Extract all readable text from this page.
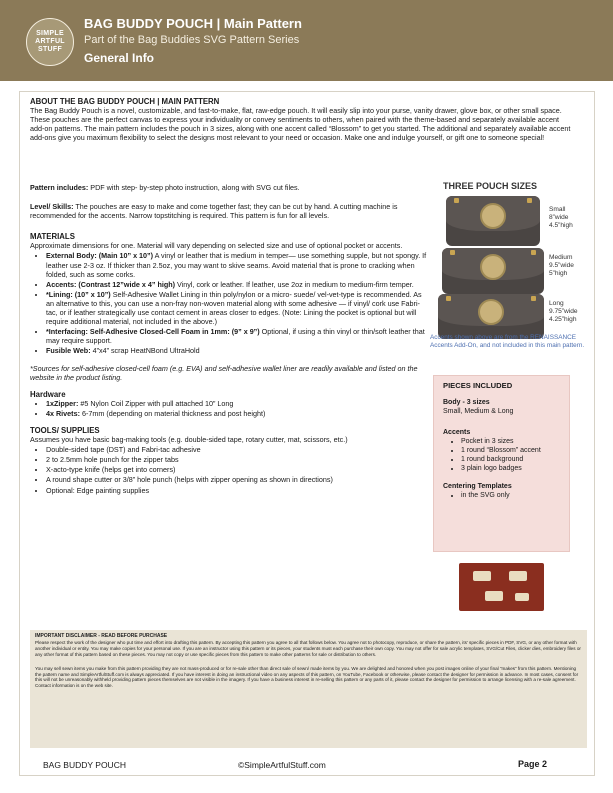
SIMPLE
ARTFUL
STUFF
BAG BUDDY POUCH | Main Pattern
Part of the Bag Buddies SVG Pattern Series
General Info
ABOUT THE BAG BUDDY POUCH | MAIN PATTERN

The Bag Buddy Pouch is a novel, customizable, and fast-to-make, flat, raw-edge pouch. It will easily slip into your purse, vanity drawer, glove box, or other small space. These pouches are the perfect canvas to express your individuality or convey sentiments to others, when paired with the theme-based and separately available accent add-on patterns. The main pattern includes the pouch in 3 sizes, along with one accent called “Blossom” to get you started. The additional and separately available accent add-ons give you maximum flexibility to select the designs most relevant to your need or occasion. Make one and indulge yourself, or gift one to someone special!

Pattern includes: PDF with step- by-step photo instruction, along with SVG cut files.

Level/ Skills: The pouches are easy to make and come together fast; they can be cut by hand. A cutting machine is recommended for the accents. Narrow topstitching is required. This pattern is fun for all levels.

MATERIALS

Approximate dimensions for one. Material will vary depending on selected size and use of optional pocket or accents.

• External Body: (Main 10” x 10”) A vinyl or leather that is medium in temper— use something supple, but not spongy. If leather use 2-3 oz. If thicker than 2.5oz, you may want to skive seams. Avoid material that is prone to cracking when folded, such as some corks.
• Accents: (Contrast 12”wide x 4” high) Vinyl, cork or leather. If leather, use 2oz in medium to medium-firm temper.
• *Lining: (10” x 10”) Self-Adhesive Wallet Lining in thin poly/nylon or a micro- suede/ vel-vet-type is recommended. As an alternative to this, you can use a non-fray non-woven material along with some adhesive — if vinyl/ cork use Fabri-tac, or if leather strategically use contact cement in areas closer to edges. (Note: Lining the pocket is optional but will require additional material, not included in the above.)
• *Interfacing: Self-Adhesive Closed-Cell Foam in 1mm: (9” x 9”) Optional, if using a thin vinyl or thin/soft leather that may require support.
• Fusible Web: 4”x4” scrap HeatNBond UltraHold

*Sources for self-adhesive closed-cell foam (e.g. EVA) and self-adhesive wallet liner are readily available and listed on the website in the product listing.

Hardware
• 1xZipper: #5 Nylon Coil Zipper with pull attached 10” Long
• 4x Rivets: 6-7mm (depending on material thickness and post height)
TOOLS/ SUPPLIES

Assumes you have basic bag-making tools (e.g. double-sided tape, rotary cutter, mat, scissors, etc.)

• Double-sided tape (DST) and Fabri-tac adhesive
• 2 to 2.5mm hole punch for the zipper tabs
• X-acto-type knife (helps get into corners)
• A round shape cutter or 3/8” hole punch (helps with zipper opening as shown in directions)
• Optional: Edge painting supplies
THREE POUCH SIZES
Small
8”wide
4.5”high
Medium
9.5”wide
5”high
Long
9.75”wide
4.25”high
Accents shown above are from the RENAISSANCE Accents Add-On, and not included in this main pattern.
PIECES INCLUDED
Body - 3 sizes
Small, Medium & Long
Accents
• Pocket in 3 sizes
• 1 round “Blossom” accent
• 1 round background
• 3 plain logo badges
Centering Templates
• in the SVG only
IMPORTANT DISCLAIMER - READ BEFORE PURCHASE

Please respect the work of the designer who put time and effort into drafting this pattern. By accepting this pattern you agree to all that follows below. You agree not to photocopy, reproduce, or share the pattern, its’ specific pieces in PDF, SVG, or any other format with another individual or entity. You may make copies for your personal use. If you are an instructor using this pattern or its pieces, your students must each purchase their own copy. You may not offer for sale acrylic templates, SVG/Cut Files, clicker dies, embroidery files or any other format of this pattern based on these pieces. You may not copy or use specific pieces from this pattern to make other patterns for sale or distribution to others.

You may sell sewn items you make from this pattern providing they are not mass-produced or for re-sale other than direct sale of sewn/ made items by you. We are delighted and honored when you post images online of your final “makes” from this pattern. Mentioning the pattern name and SimpleArtfulStuff.com is always appreciated. If you have interest in doing an instructional video on any aspects of this pattern, on YouTube, Facebook or otherwise, please contact the designer for permission in advance. In most cases, consent for this will not be unreasonably withheld providing pattern pieces themselves are not visible in the imagery. If you have a business interest in re-selling this pattern or any parts of it, please contact the designer for permission to arrange licensing with a re-sale agreement. Contact information is on the web site.

BAG BUDDY POUCH	©SimpleArtfulStuff.com	Page 2
